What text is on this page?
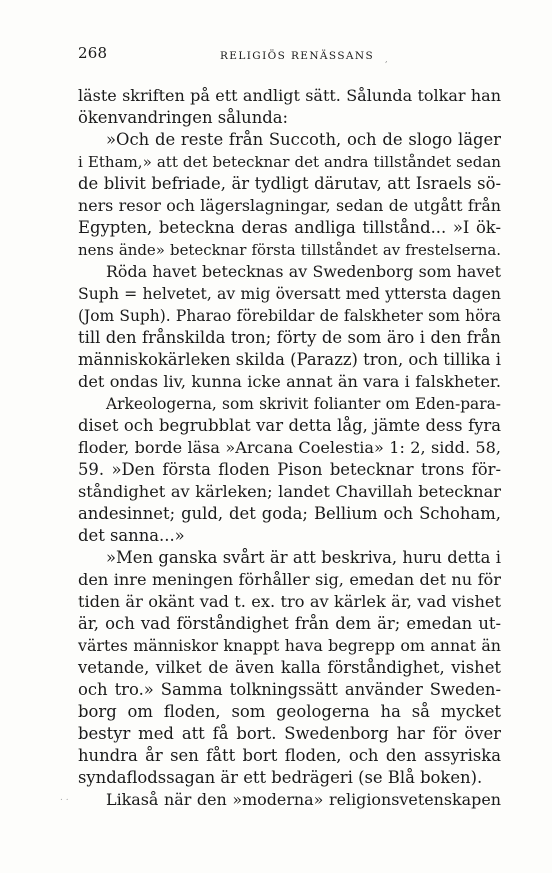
268	RELIGIÖS RENÄSSANS ,
läste skriften på ett andligt sätt. Sålunda tolkar han
ökenvandringen sålunda:
»Och de reste från Succoth, och de slogo läger
i Etham,» att det betecknar det andra tillståndet sedan
de blivit befriade, är tydligt därutav, att Israels sö-
ners resor och lägerslagningar, sedan de utgått från
Egypten, beteckna deras andliga tillstånd... »I ök-
nens ände» betecknar första tillståndet av frestelserna.
Röda havet betecknas av Swedenborg som havet
Suph = helvetet, av mig översatt med yttersta dagen
(Jom Suph). Pharao förebildar de falskheter som höra
till den frånskilda tron; förty de som äro i den från
människokärleken skilda (Parazz) tron, och tillika i
det ondas liv, kunna icke annat än vara i falskheter.
Arkeologerna, som skrivit folianter om Eden-para-
diset och begrubblat var detta låg, jämte dess fyra
floder, borde läsa »Arcana Coelestia» 1: 2, sidd. 58,
59. »Den första floden Pison betecknar trons för-
ståndighet av kärleken; landet Chavillah betecknar
andesinnet; guld, det goda; Bellium och Schoham,
det sanna...»
»Men ganska svårt är att beskriva, huru detta i
den inre meningen förhåller sig, emedan det nu för
tiden är okänt vad t. ex. tro av kärlek är, vad vishet
är, och vad förståndighet från dem är; emedan ut-
värtes människor knappt hava begrepp om annat än
vetande, vilket de även kalla förståndighet, vishet
och tro.» Samma tolkningssätt använder Sweden-
borg om floden, som geologerna ha så mycket
bestyr med att få bort. Swedenborg har för över
hundra år sen fått bort floden, och den assyriska
syndaflodssagan är ett bedrägeri (se Blå boken).
Likaså när den »moderna» religionsvetenskapen
. .
